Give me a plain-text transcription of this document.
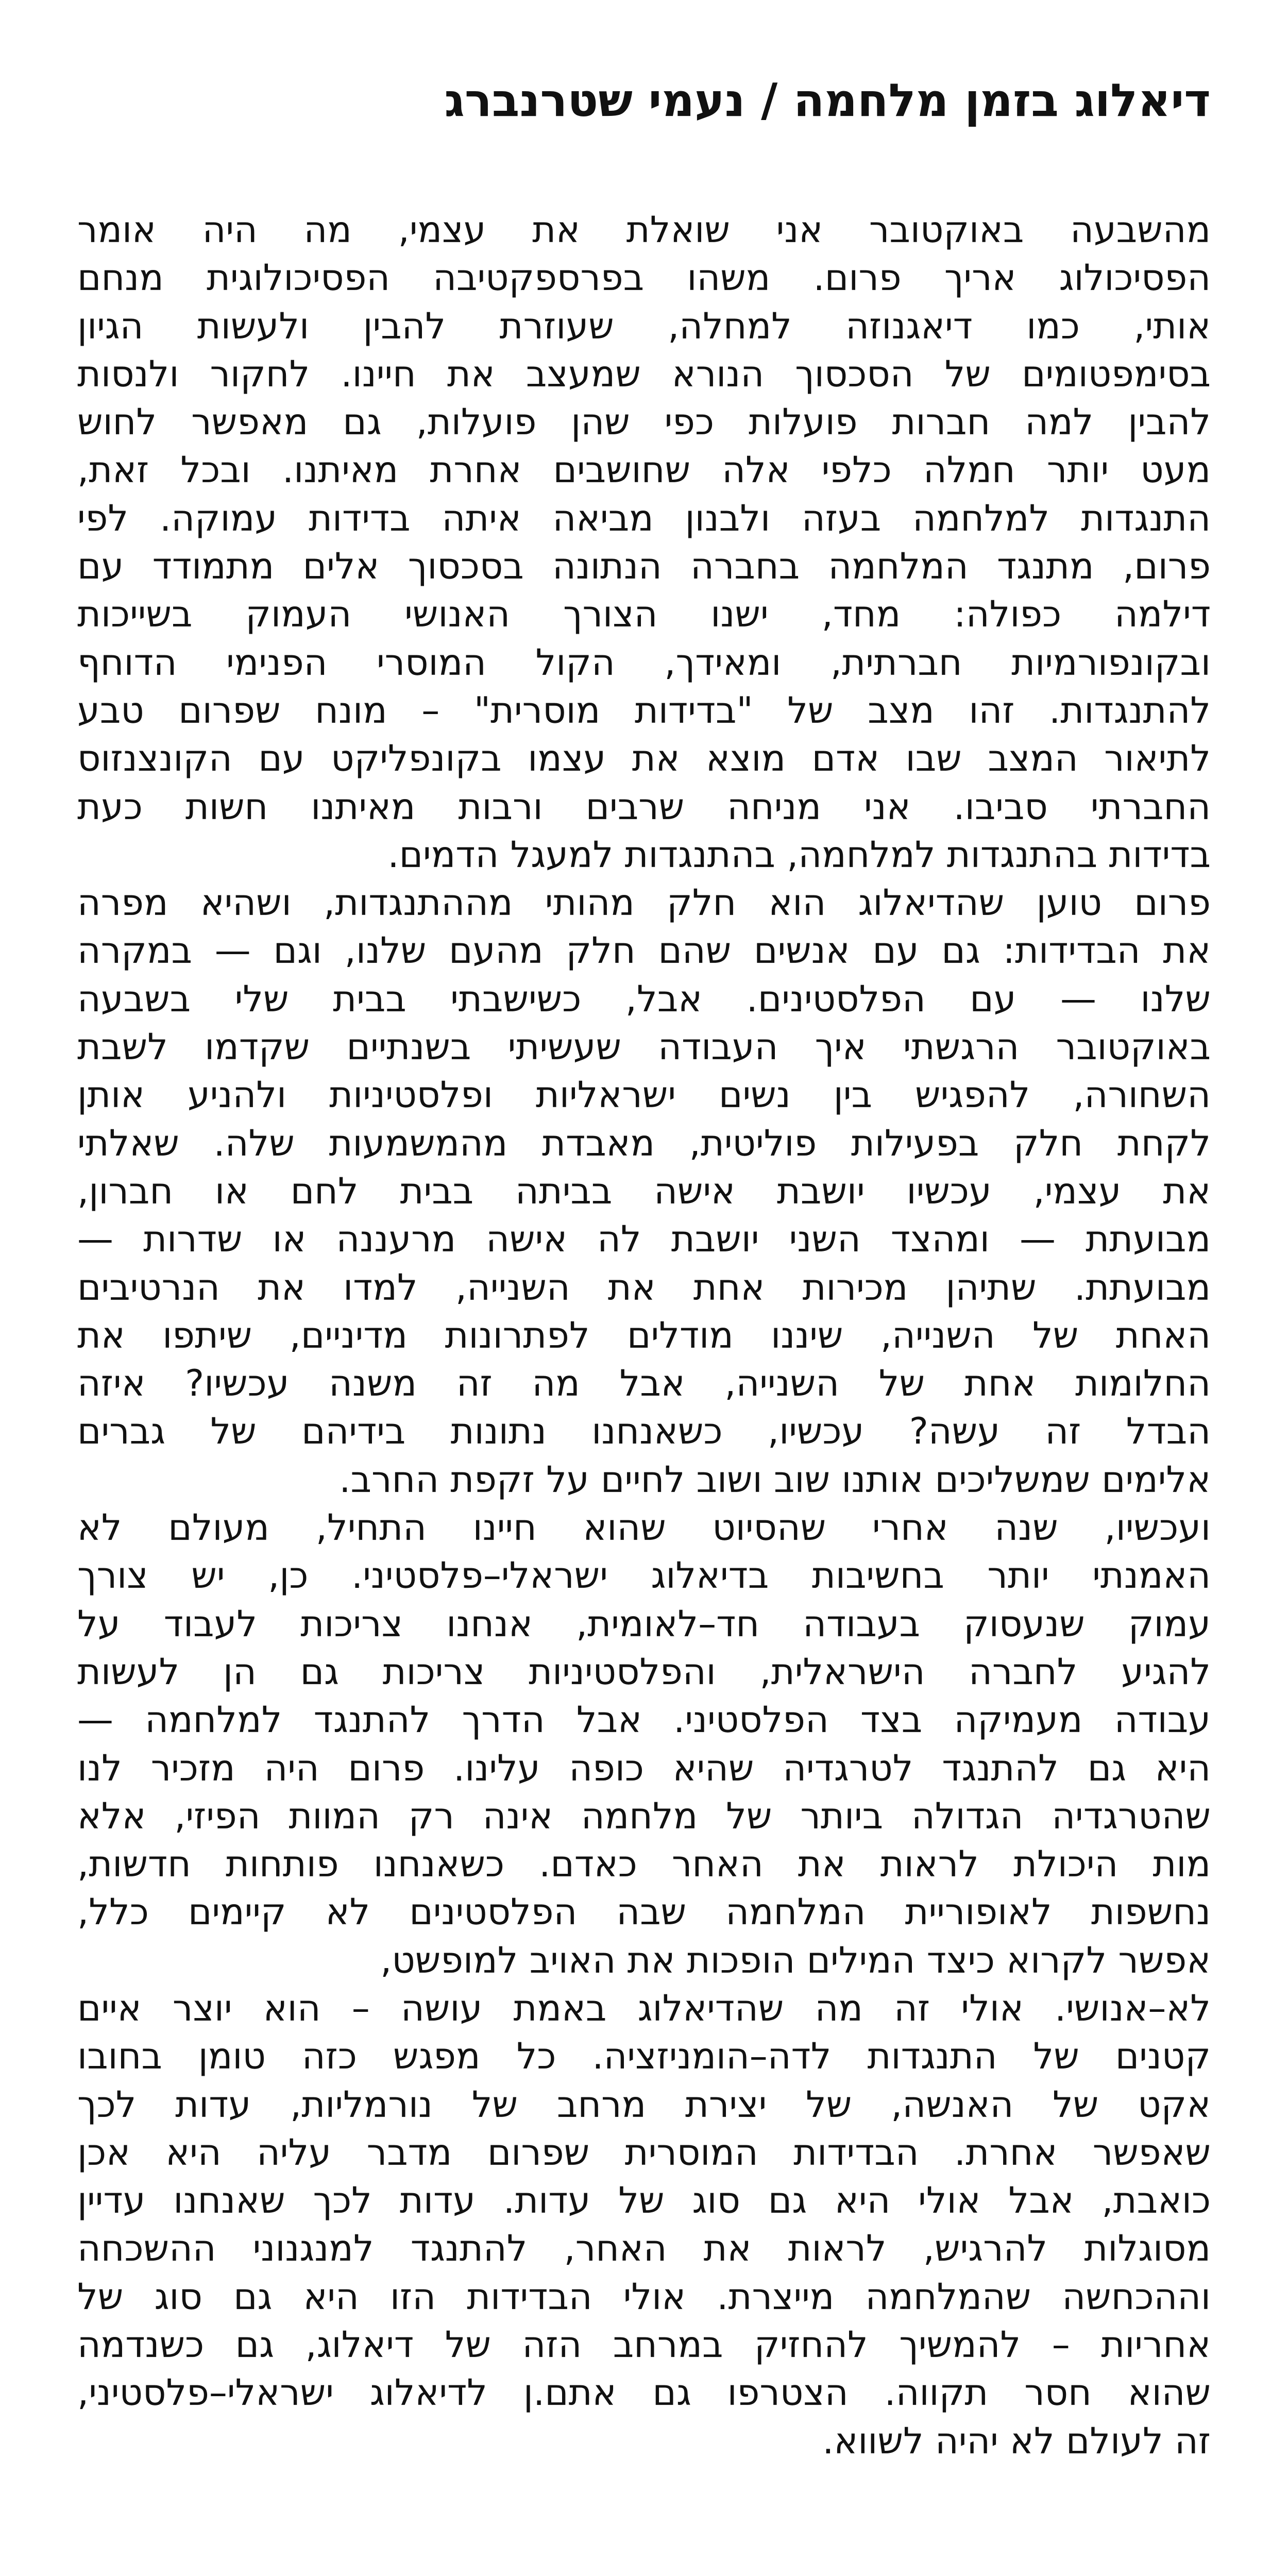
דיאלוג בזמן מלחמה / נעמי שטרנברג
מהשבעה באוקטובר אני שואלת את עצמי, מה היה אומר
הפסיכולוג אריך פרום. משהו בפרספקטיבה הפסיכולוגית מנחם
אותי, כמו דיאגנוזה למחלה, שעוזרת להבין ולעשות הגיון
בסימפטומים של הסכסוך הנורא שמעצב את חיינו. לחקור ולנסות
להבין למה חברות פועלות כפי שהן פועלות, גם מאפשר לחוש
מעט יותר חמלה כלפי אלה שחושבים אחרת מאיתנו. ובכל זאת,
התנגדות למלחמה בעזה ולבנון מביאה איתה בדידות עמוקה. לפי
פרום, מתנגד המלחמה בחברה הנתונה בסכסוך אלים מתמודד עם
דילמה כפולה: מחד, ישנו הצורך האנושי העמוק בשייכות
ובקונפורמיות חברתית, ומאידך, הקול המוסרי הפנימי הדוחף
להתנגדות. זהו מצב של "בדידות מוסרית" – מונח שפרום טבע
לתיאור המצב שבו אדם מוצא את עצמו בקונפליקט עם הקונצנזוס
החברתי סביבו. אני מניחה שרבים ורבות מאיתנו חשות כעת
בדידות בהתנגדות למלחמה, בהתנגדות למעגל הדמים.
פרום טוען שהדיאלוג הוא חלק מהותי מההתנגדות, ושהיא מפרה
את הבדידות: גם עם אנשים שהם חלק מהעם שלנו, וגם — במקרה
שלנו — עם הפלסטינים. אבל, כשישבתי בבית שלי בשבעה
באוקטובר הרגשתי איך העבודה שעשיתי בשנתיים שקדמו לשבת
השחורה, להפגיש בין נשים ישראליות ופלסטיניות ולהניע אותן
לקחת חלק בפעילות פוליטית, מאבדת מהמשמעות שלה. שאלתי
את עצמי, עכשיו יושבת אישה בביתה בבית לחם או חברון,
מבועתת — ומהצד השני יושבת לה אישה מרעננה או שדרות —
מבועתת. שתיהן מכירות אחת את השנייה, למדו את הנרטיבים
האחת של השנייה, שיננו מודלים לפתרונות מדיניים, שיתפו את
החלומות אחת של השנייה, אבל מה זה משנה עכשיו? איזה
הבדל זה עשה? עכשיו, כשאנחנו נתונות בידיהם של גברים
אלימים שמשליכים אותנו שוב ושוב לחיים על זקפת החרב.
ועכשיו, שנה אחרי שהסיוט שהוא חיינו התחיל, מעולם לא
האמנתי יותר בחשיבות בדיאלוג ישראלי–פלסטיני. כן, יש צורך
עמוק שנעסוק בעבודה חד–לאומית, אנחנו צריכות לעבוד על
להגיע לחברה הישראלית, והפלסטיניות צריכות גם הן לעשות
עבודה מעמיקה בצד הפלסטיני. אבל הדרך להתנגד למלחמה —
היא גם להתנגד לטרגדיה שהיא כופה עלינו. פרום היה מזכיר לנו
שהטרגדיה הגדולה ביותר של מלחמה אינה רק המוות הפיזי, אלא
מות היכולת לראות את האחר כאדם. כשאנחנו פותחות חדשות,
נחשפות לאופוריית המלחמה שבה הפלסטינים לא קיימים כלל,
אפשר לקרוא כיצד המילים הופכות את האויב למופשט,
לא–אנושי. אולי זה מה שהדיאלוג באמת עושה – הוא יוצר איים
קטנים של התנגדות לדה–הומניזציה. כל מפגש כזה טומן בחובו
אקט של האנשה, של יצירת מרחב של נורמליות, עדות לכך
שאפשר אחרת. הבדידות המוסרית שפרום מדבר עליה היא אכן
כואבת, אבל אולי היא גם סוג של עדות. עדות לכך שאנחנו עדיין
מסוגלות להרגיש, לראות את האחר, להתנגד למנגנוני ההשכחה
וההכחשה שהמלחמה מייצרת. אולי הבדידות הזו היא גם סוג של
אחריות – להמשיך להחזיק במרחב הזה של דיאלוג, גם כשנדמה
שהוא חסר תקווה. הצטרפו גם אתם.ן לדיאלוג ישראלי–פלסטיני,
זה לעולם לא יהיה לשווא.
